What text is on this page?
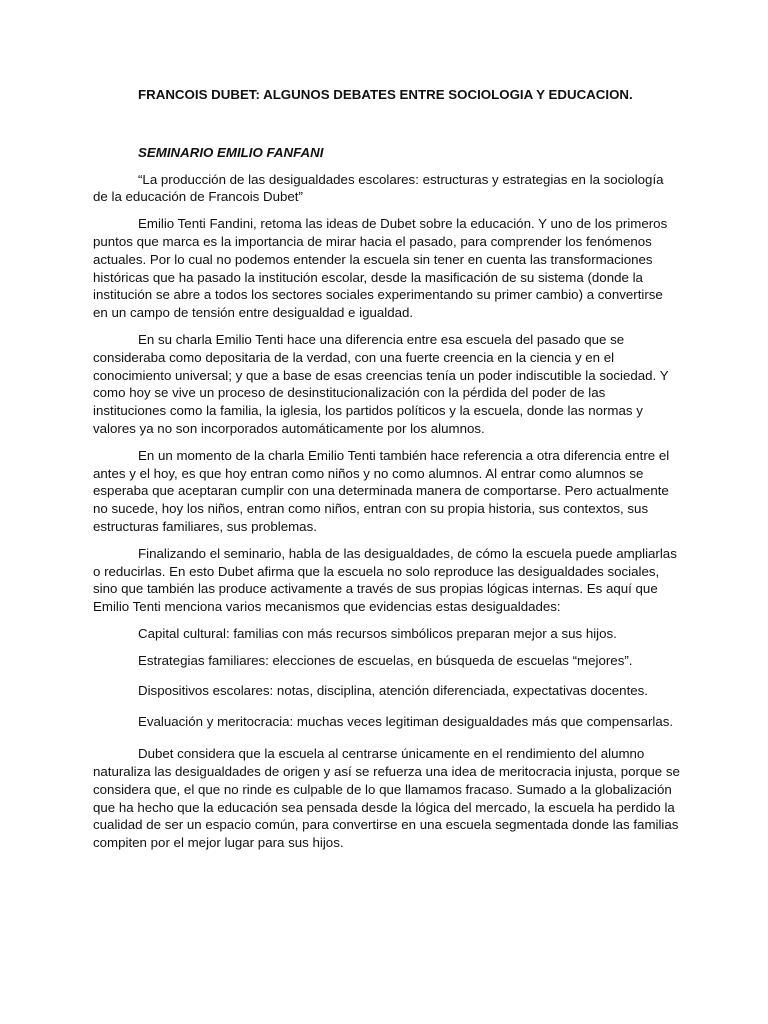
FRANCOIS DUBET: ALGUNOS DEBATES ENTRE SOCIOLOGIA Y EDUCACION.
SEMINARIO EMILIO FANFANI

“La producción de las desigualdades escolares: estructuras y estrategias en la sociología de la educación de Francois Dubet”

Emilio Tenti Fandini, retoma las ideas de Dubet sobre la educación. Y uno de los primeros puntos que marca es la importancia de mirar hacia el pasado, para comprender los fenómenos actuales. Por lo cual no podemos entender la escuela sin tener en cuenta las transformaciones históricas que ha pasado la institución escolar, desde la masificación de su sistema (donde la institución se abre a todos los sectores sociales experimentando su primer cambio) a convertirse en un campo de tensión entre desigualdad e igualdad.

En su charla Emilio Tenti hace una diferencia entre esa escuela del pasado que se consideraba como depositaria de la verdad, con una fuerte creencia en la ciencia y en el conocimiento universal; y que a base de esas creencias tenía un poder indiscutible la sociedad. Y como hoy se vive un proceso de desinstitucionalización con la pérdida del poder de las instituciones como la familia, la iglesia, los partidos políticos y la escuela, donde las normas y valores ya no son incorporados automáticamente por los alumnos.

En un momento de la charla Emilio Tenti también hace referencia a otra diferencia entre el antes y el hoy, es que hoy entran como niños y no como alumnos. Al entrar como alumnos se esperaba que aceptaran cumplir con una determinada manera de comportarse. Pero actualmente no sucede, hoy los niños, entran como niños, entran con su propia historia, sus contextos, sus estructuras familiares, sus problemas.

Finalizando el seminario, habla de las desigualdades, de cómo la escuela puede ampliarlas o reducirlas. En esto Dubet afirma que la escuela no solo reproduce las desigualdades sociales, sino que también las produce activamente a través de sus propias lógicas internas. Es aquí que Emilio Tenti menciona varios mecanismos que evidencias estas desigualdades:

Capital cultural: familias con más recursos simbólicos preparan mejor a sus hijos.

Estrategias familiares: elecciones de escuelas, en búsqueda de escuelas “mejores”.

Dispositivos escolares: notas, disciplina, atención diferenciada, expectativas docentes.

Evaluación y meritocracia: muchas veces legitiman desigualdades más que compensarlas.

Dubet considera que la escuela al centrarse únicamente en el rendimiento del alumno naturaliza las desigualdades de origen y así se refuerza una idea de meritocracia injusta, porque se considera que, el que no rinde es culpable de lo que llamamos fracaso. Sumado a la globalización que ha hecho que la educación sea pensada desde la lógica del mercado, la escuela ha perdido la cualidad de ser un espacio común, para convertirse en una escuela segmentada donde las familias compiten por el mejor lugar para sus hijos.
